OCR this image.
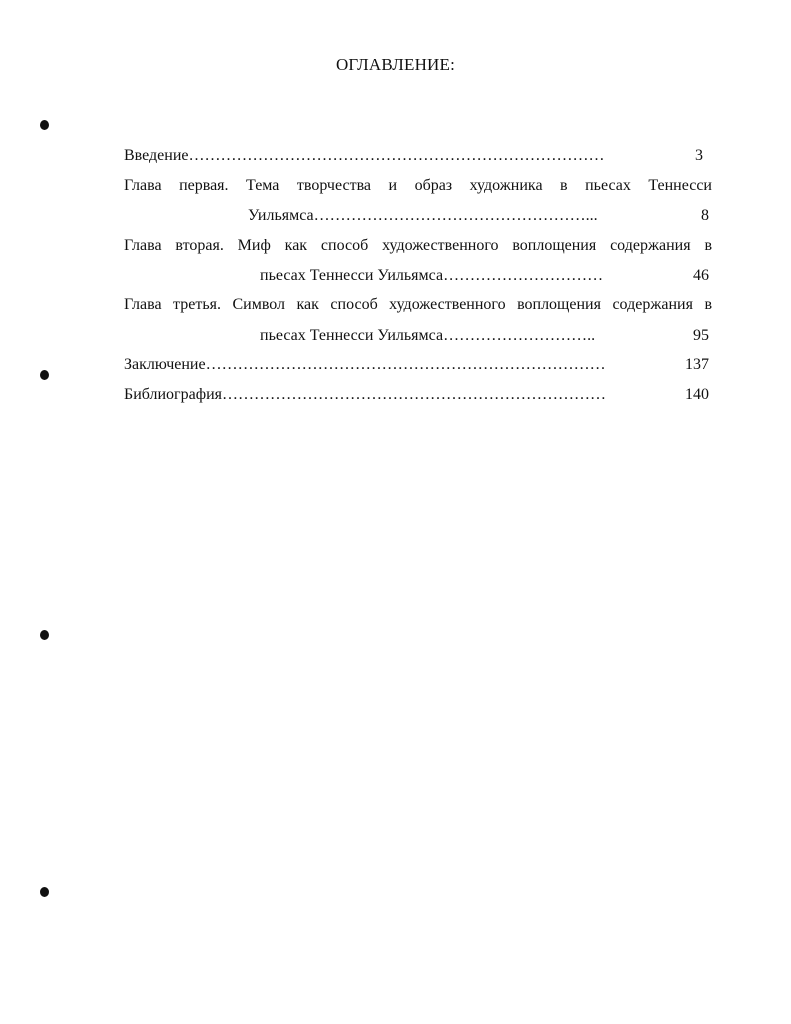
ОГЛАВЛЕНИЕ:
Введение……………………………………………………………………	3
Глава первая. Тема творчества и образ художника в пьесах Теннесси
Уильямса……………………………………………...	8
Глава вторая. Миф как способ художественного воплощения содержания в
пьесах Теннесси Уильямса…………………………	46
Глава третья. Символ как способ художественного воплощения содержания в
пьесах Теннесси Уильямса………………………..	95
Заключение…………………………………………………………………	137
Библиография………………………………………………………………	140
